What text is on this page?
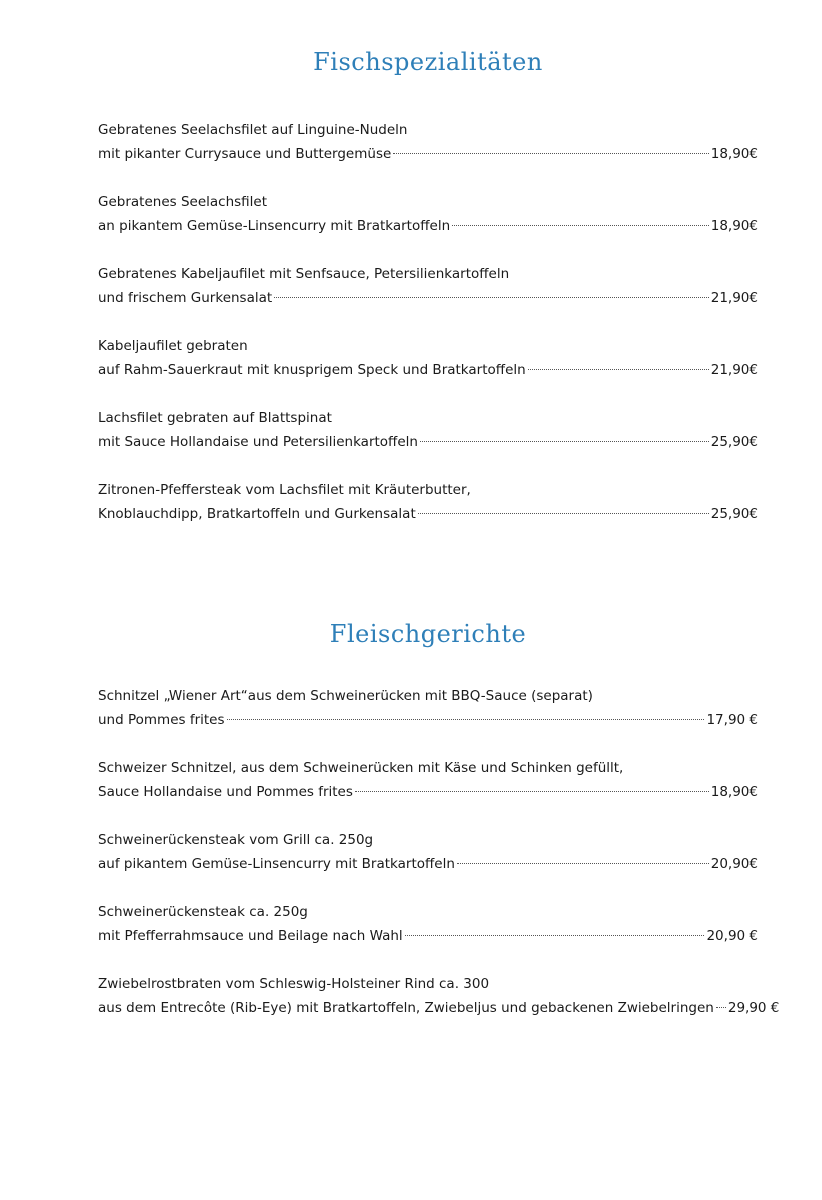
Fischspezialitäten
Gebratenes Seelachsfilet auf Linguine-Nudeln
mit pikanter Currysauce und Buttergemüse	18,90€
Gebratenes Seelachsfilet
an pikantem Gemüse-Linsencurry mit Bratkartoffeln	18,90€
Gebratenes Kabeljaufilet mit Senfsauce, Petersilienkartoffeln
und frischem Gurkensalat	21,90€
Kabeljaufilet gebraten
auf Rahm-Sauerkraut mit knusprigem Speck und Bratkartoffeln	21,90€
Lachsfilet gebraten auf Blattspinat
mit Sauce Hollandaise und Petersilienkartoffeln	25,90€
Zitronen-Pfeffersteak vom Lachsfilet mit Kräuterbutter,
Knoblauchdipp, Bratkartoffeln und Gurkensalat	25,90€
Fleischgerichte
Schnitzel „Wiener Art“aus dem Schweinerücken mit BBQ-Sauce (separat)
und Pommes frites	17,90 €
Schweizer Schnitzel, aus dem Schweinerücken mit Käse und Schinken gefüllt,
Sauce Hollandaise und Pommes frites	18,90€
Schweinerückensteak vom Grill ca. 250g
auf pikantem Gemüse-Linsencurry mit Bratkartoffeln	20,90€
Schweinerückensteak ca. 250g
mit Pfefferrahmsauce und Beilage nach Wahl	20,90 €
Zwiebelrostbraten vom Schleswig-Holsteiner Rind ca. 300
aus dem Entrecôte (Rib-Eye) mit Bratkartoffeln, Zwiebeljus und gebackenen Zwiebelringen 29,90 €
